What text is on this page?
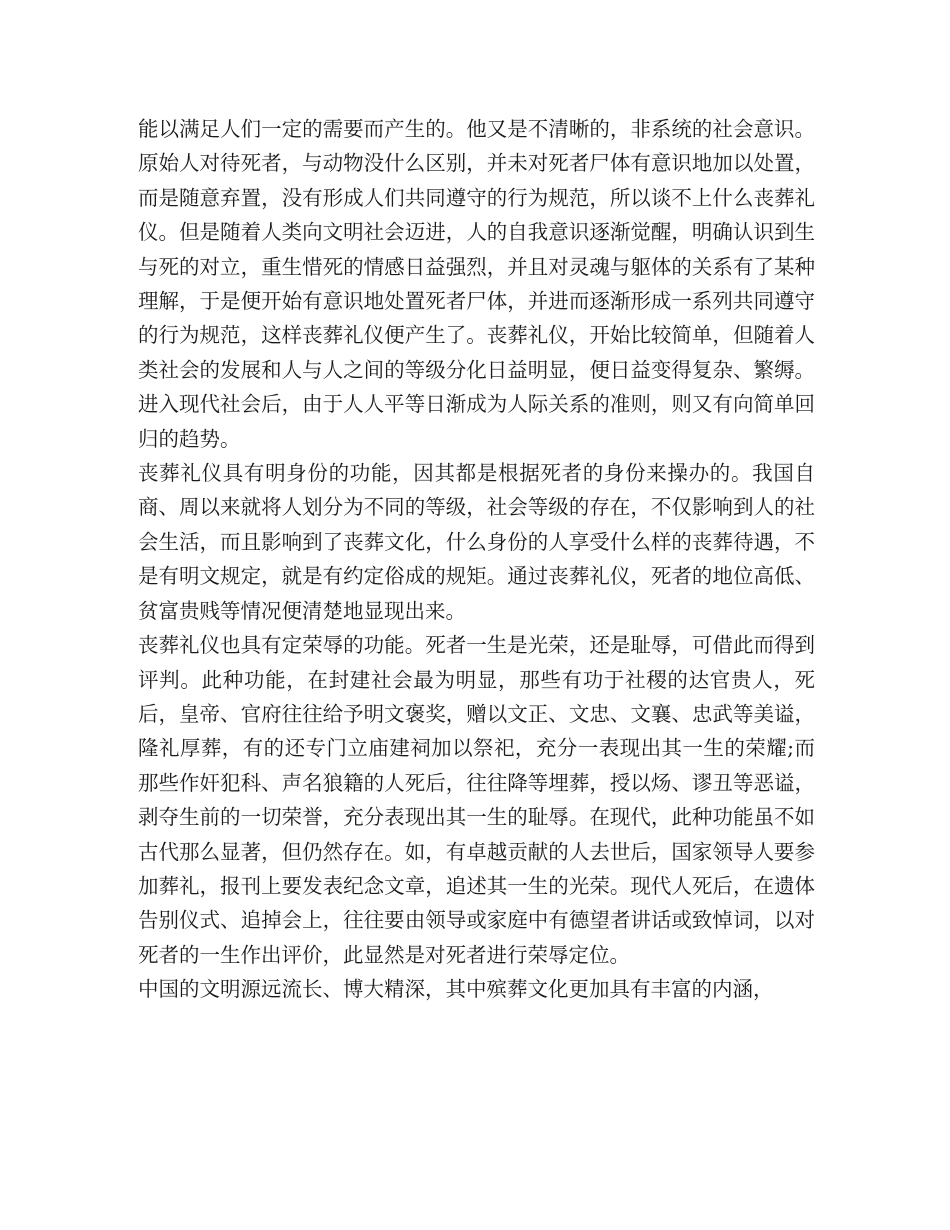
能以满足人们一定的需要而产生的。他又是不清晰的，非系统的社会意识。原始人对待死者，与动物没什么区别，并未对死者尸体有意识地加以处置，而是随意弃置，没有形成人们共同遵守的行为规范，所以谈不上什么丧葬礼仪。但是随着人类向文明社会迈进，人的自我意识逐渐觉醒，明确认识到生与死的对立，重生惜死的情感日益强烈，并且对灵魂与躯体的关系有了某种理解，于是便开始有意识地处置死者尸体，并进而逐渐形成一系列共同遵守的行为规范，这样丧葬礼仪便产生了。丧葬礼仪，开始比较简单，但随着人类社会的发展和人与人之间的等级分化日益明显，便日益变得复杂、繁缛。进入现代社会后，由于人人平等日渐成为人际关系的准则，则又有向简单回归的趋势。

丧葬礼仪具有明身份的功能，因其都是根据死者的身份来操办的。我国自商、周以来就将人划分为不同的等级，社会等级的存在，不仅影响到人的社会生活，而且影响到了丧葬文化，什么身份的人享受什么样的丧葬待遇，不是有明文规定，就是有约定俗成的规矩。通过丧葬礼仪，死者的地位高低、贫富贵贱等情况便清楚地显现出来。

丧葬礼仪也具有定荣辱的功能。死者一生是光荣，还是耻辱，可借此而得到评判。此种功能，在封建社会最为明显，那些有功于社稷的达官贵人，死后，皇帝、官府往往给予明文褒奖，赠以文正、文忠、文襄、忠武等美谥，隆礼厚葬，有的还专门立庙建祠加以祭祀，充分一表现出其一生的荣耀;而那些作奸犯科、声名狼籍的人死后，往往降等埋葬，授以炀、谬丑等恶谥，剥夺生前的一切荣誉，充分表现出其一生的耻辱。在现代，此种功能虽不如古代那么显著，但仍然存在。如，有卓越贡献的人去世后，国家领导人要参加葬礼，报刊上要发表纪念文章，追述其一生的光荣。现代人死后，在遗体告别仪式、追掉会上，往往要由领导或家庭中有德望者讲话或致悼词，以对死者的一生作出评价，此显然是对死者进行荣辱定位。

中国的文明源远流长、博大精深，其中殡葬文化更加具有丰富的内涵，
